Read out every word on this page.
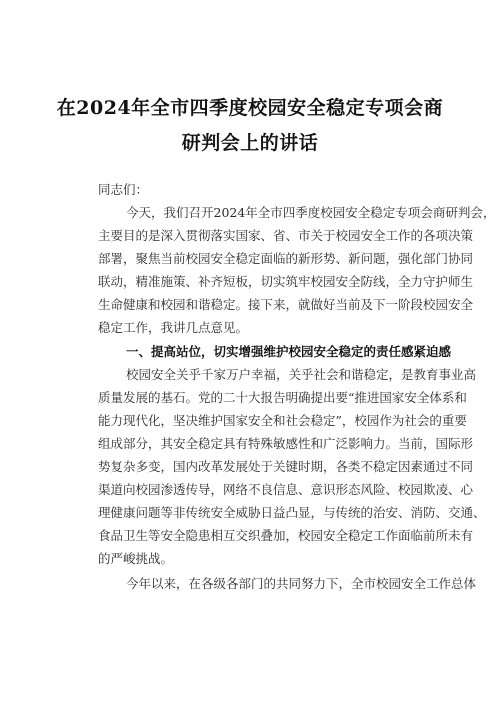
在2024年全市四季度校园安全稳定专项会商
研判会上的讲话

同志们：

今天，我们召开2024年全市四季度校园安全稳定专项会商研判会，

主要目的是深入贯彻落实国家、省、市关于校园安全工作的各项决策

部署，聚焦当前校园安全稳定面临的新形势、新问题，强化部门协同

联动，精准施策、补齐短板，切实筑牢校园安全防线，全力守护师生

生命健康和校园和谐稳定。接下来，就做好当前及下一阶段校园安全

稳定工作，我讲几点意见。

一、提高站位，切实增强维护校园安全稳定的责任感紧迫感

校园安全关乎千家万户幸福，关乎社会和谐稳定，是教育事业高

质量发展的基石。党的二十大报告明确提出要“推进国家安全体系和

能力现代化，坚决维护国家安全和社会稳定”，校园作为社会的重要

组成部分，其安全稳定具有特殊敏感性和广泛影响力。当前，国际形

势复杂多变，国内改革发展处于关键时期，各类不稳定因素通过不同

渠道向校园渗透传导，网络不良信息、意识形态风险、校园欺凌、心

理健康问题等非传统安全威胁日益凸显，与传统的治安、消防、交通、

食品卫生等安全隐患相互交织叠加，校园安全稳定工作面临前所未有

的严峻挑战。

今年以来，在各级各部门的共同努力下，全市校园安全工作总体
